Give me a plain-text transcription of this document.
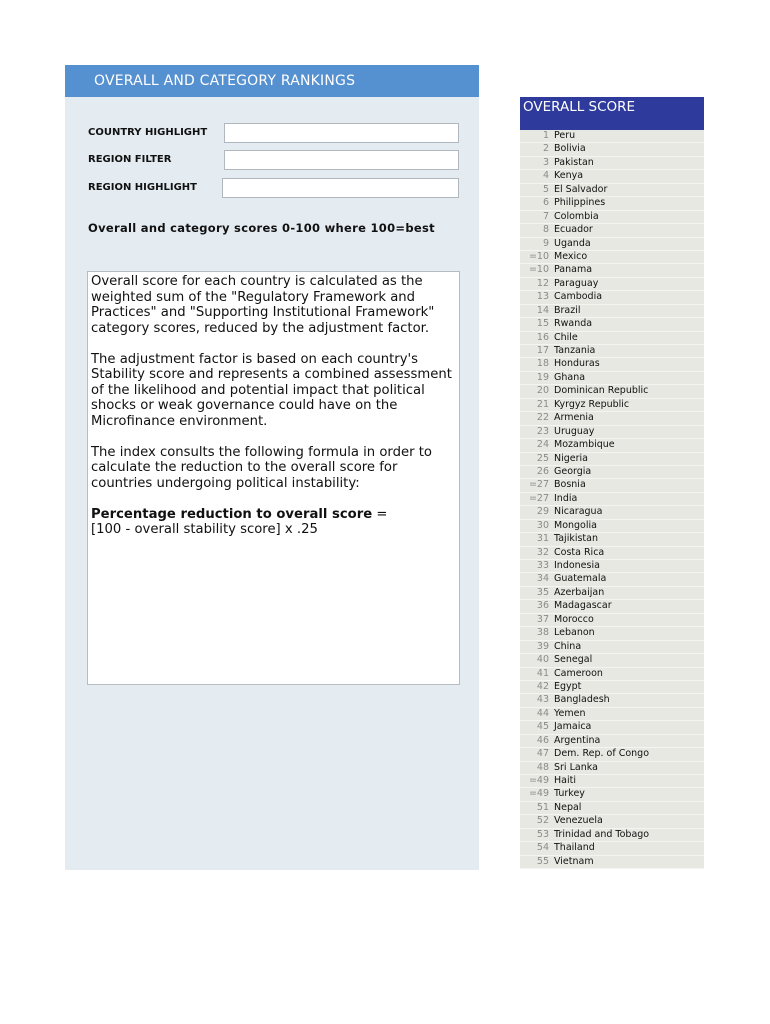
OVERALL AND CATEGORY RANKINGS
COUNTRY HIGHLIGHT
REGION FILTER
REGION HIGHLIGHT
Overall and category scores 0-100 where 100=best

Overall score for each country is calculated as the weighted sum of the "Regulatory Framework and Practices" and "Supporting Institutional Framework" category scores, reduced by the adjustment factor.

The adjustment factor is based on each country's Stability score and represents a combined assessment of the likelihood and potential impact that political shocks or weak governance could have on the Microfinance environment.

The index consults the following formula in order to calculate the reduction to the overall score for countries undergoing political instability:

Percentage reduction to overall score =
[100 - overall stability score] x .25
OVERALL SCORE
1 Peru
2 Bolivia
3 Pakistan
4 Kenya
5 El Salvador
6 Philippines
7 Colombia
8 Ecuador
9 Uganda
=10 Mexico
=10 Panama
12 Paraguay
13 Cambodia
14 Brazil
15 Rwanda
16 Chile
17 Tanzania
18 Honduras
19 Ghana
20 Dominican Republic
21 Kyrgyz Republic
22 Armenia
23 Uruguay
24 Mozambique
25 Nigeria
26 Georgia
=27 Bosnia
=27 India
29 Nicaragua
30 Mongolia
31 Tajikistan
32 Costa Rica
33 Indonesia
34 Guatemala
35 Azerbaijan
36 Madagascar
37 Morocco
38 Lebanon
39 China
40 Senegal
41 Cameroon
42 Egypt
43 Bangladesh
44 Yemen
45 Jamaica
46 Argentina
47 Dem. Rep. of Congo
48 Sri Lanka
=49 Haiti
=49 Turkey
51 Nepal
52 Venezuela
53 Trinidad and Tobago
54 Thailand
55 Vietnam
